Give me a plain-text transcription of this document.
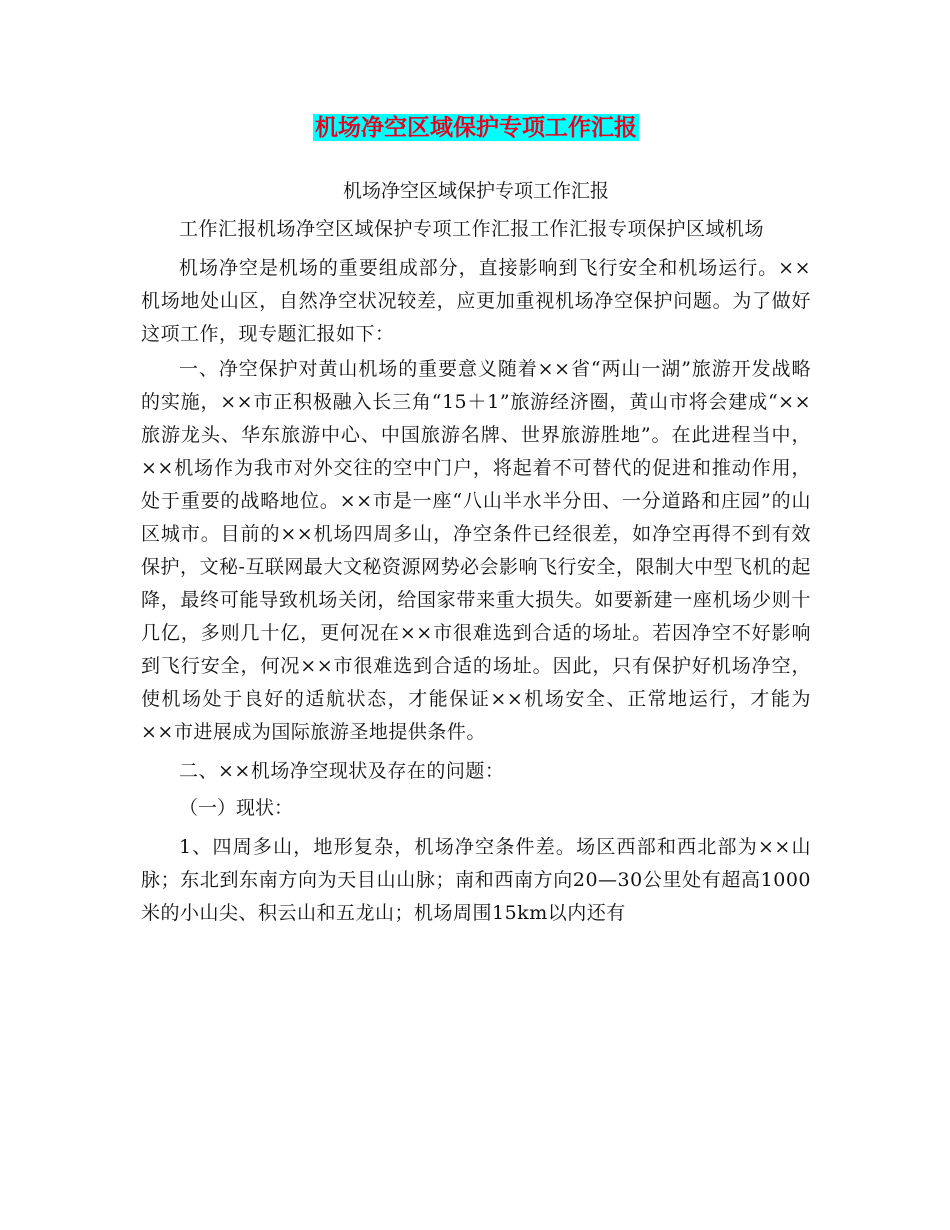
机场净空区域保护专项工作汇报
机场净空区域保护专项工作汇报

工作汇报机场净空区域保护专项工作汇报工作汇报专项保护区域机场

机场净空是机场的重要组成部分，直接影响到飞行安全和机场运行。××机场地处山区，自然净空状况较差，应更加重视机场净空保护问题。为了做好这项工作，现专题汇报如下：

一、净空保护对黄山机场的重要意义随着××省“两山一湖”旅游开发战略的实施，××市正积极融入长三角“15＋1”旅游经济圈，黄山市将会建成“××旅游龙头、华东旅游中心、中国旅游名牌、世界旅游胜地”。在此进程当中，××机场作为我市对外交往的空中门户，将起着不可替代的促进和推动作用，处于重要的战略地位。××市是一座“八山半水半分田、一分道路和庄园”的山区城市。目前的××机场四周多山，净空条件已经很差，如净空再得不到有效保护，文秘-互联网最大文秘资源网势必会影响飞行安全，限制大中型飞机的起降，最终可能导致机场关闭，给国家带来重大损失。如要新建一座机场少则十几亿，多则几十亿，更何况在××市很难选到合适的场址。若因净空不好影响到飞行安全，何况××市很难选到合适的场址。因此，只有保护好机场净空，使机场处于良好的适航状态，才能保证××机场安全、正常地运行，才能为××市进展成为国际旅游圣地提供条件。

二、××机场净空现状及存在的问题：

（一）现状：

1、四周多山，地形复杂，机场净空条件差。场区西部和西北部为××山脉；东北到东南方向为天目山山脉；南和西南方向20—30公里处有超高1000米的小山尖、积云山和五龙山；机场周围15km以内还有
